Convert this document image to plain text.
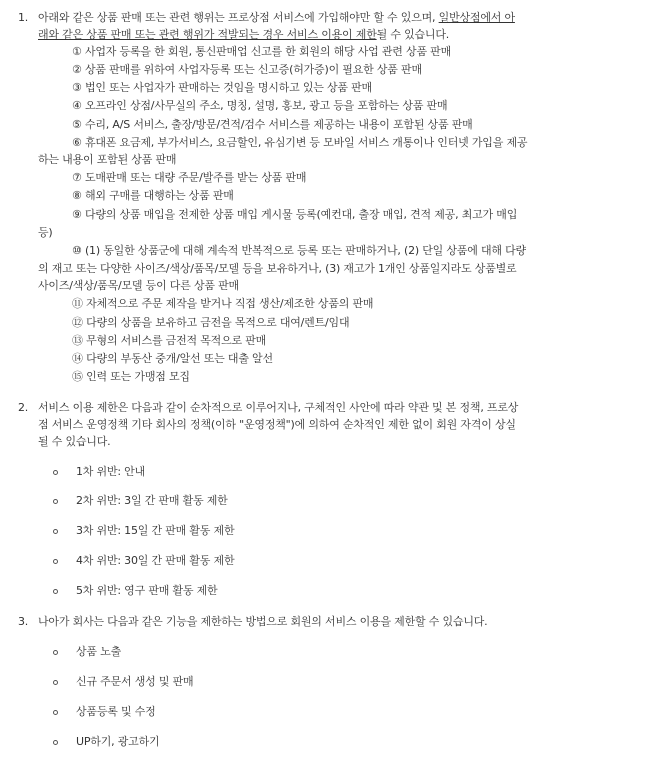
1. 아래와 같은 상품 판매 또는 관련 행위는 프로상점 서비스에 가입해야만 할 수 있으며, 일반상점에서 아
래와 같은 상품 판매 또는 관련 행위가 적발되는 경우 서비스 이용이 제한될 수 있습니다.
① 사업자 등록을 한 회원, 통신판매업 신고를 한 회원의 해당 사업 관련 상품 판매
② 상품 판매를 위하여 사업자등록 또는 신고증(허가증)이 필요한 상품 판매
③ 법인 또는 사업자가 판매하는 것임을 명시하고 있는 상품 판매
④ 오프라인 상점/사무실의 주소, 명칭, 설명, 홍보, 광고 등을 포함하는 상품 판매
⑤ 수리, A/S 서비스, 출장/방문/견적/검수 서비스를 제공하는 내용이 포함된 상품 판매
⑥ 휴대폰 요금제, 부가서비스, 요금할인, 유심기변 등 모바일 서비스 개통이나 인터넷 가입을 제공
하는 내용이 포함된 상품 판매
⑦ 도매판매 또는 대량 주문/발주를 받는 상품 판매
⑧ 해외 구매를 대행하는 상품 판매
⑨ 다량의 상품 매입을 전제한 상품 매입 게시물 등록(예컨대, 출장 매입, 견적 제공, 최고가 매입
등)
⑩ (1) 동일한 상품군에 대해 계속적 반복적으로 등록 또는 판매하거나, (2) 단일 상품에 대해 다량
의 재고 또는 다양한 사이즈/색상/품목/모델 등을 보유하거나, (3) 재고가 1개인 상품일지라도 상품별로
사이즈/색상/품목/모델 등이 다른 상품 판매
⑪ 자체적으로 주문 제작을 받거나 직접 생산/제조한 상품의 판매
⑫ 다량의 상품을 보유하고 금전을 목적으로 대여/렌트/임대
⑬ 무형의 서비스를 금전적 목적으로 판매
⑭ 다량의 부동산 중개/알선 또는 대출 알선
⑮ 인력 또는 가맹점 모집
2. 서비스 이용 제한은 다음과 같이 순차적으로 이루어지나, 구체적인 사안에 따라 약관 및 본 정책, 프로상
점 서비스 운영정책 기타 회사의 정책(이하 "운영정책")에 의하여 순차적인 제한 없이 회원 자격이 상실
될 수 있습니다.
1차 위반: 안내
2차 위반: 3일 간 판매 활동 제한
3차 위반: 15일 간 판매 활동 제한
4차 위반: 30일 간 판매 활동 제한
5차 위반: 영구 판매 활동 제한
3. 나아가 회사는 다음과 같은 기능을 제한하는 방법으로 회원의 서비스 이용을 제한할 수 있습니다.
상품 노출
신규 주문서 생성 및 판매
상품등록 및 수정
UP하기, 광고하기
